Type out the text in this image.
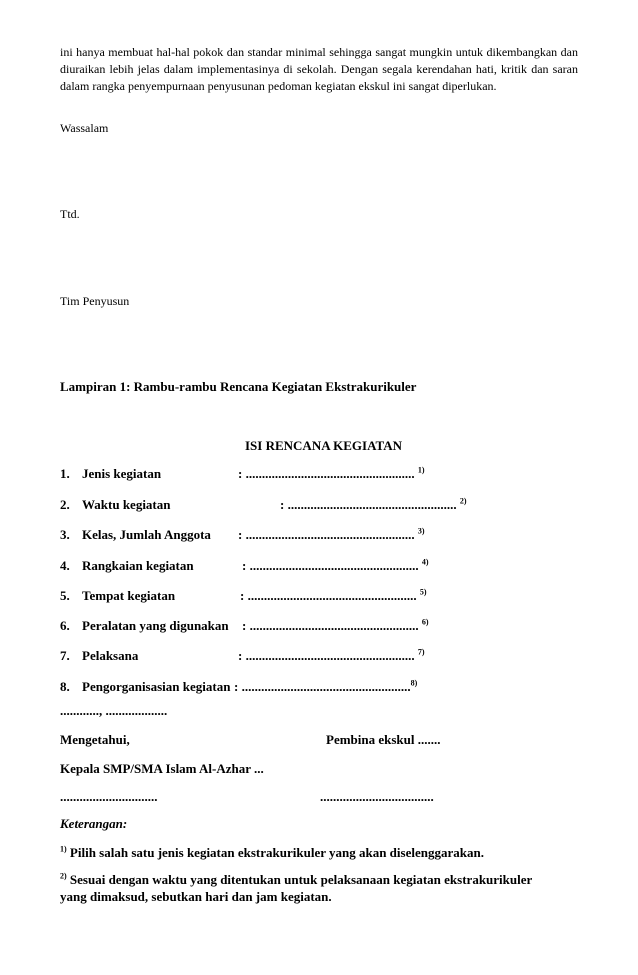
ini hanya membuat hal-hal pokok dan standar minimal sehingga sangat mungkin untuk dikembangkan dan diuraikan lebih jelas dalam implementasinya di sekolah. Dengan segala kerendahan hati, kritik dan saran dalam rangka penyempurnaan penyusunan pedoman kegiatan ekskul ini sangat diperlukan.
Wassalam
Ttd.
Tim Penyusun
Lampiran 1: Rambu-rambu Rencana Kegiatan Ekstrakurikuler
ISI RENCANA KEGIATAN
1. Jenis kegiatan	: .................................................... $^{1)}$
2. Waktu kegiatan	: .................................................... $^{2)}$
3. Kelas, Jumlah Anggota : .................................................... $^{3)}$
4. Rangkaian kegiatan	: .................................................... $^{4)}$
5. Tempat kegiatan	: .................................................... $^{5)}$
6. Peralatan yang digunakan : .................................................... $^{6)}$
7. Pelaksana	: .................................................... $^{7)}$
8. Pengorganisasian kegiatan : ....................................................$^{8)}$
............, ...................
Mengetahui,	Pembina ekskul .......
Kepala SMP/SMA Islam Al-Azhar ...
..............................	...................................
Keterangan:
$^{1)}$ Pilih salah satu jenis kegiatan ekstrakurikuler yang akan diselenggarakan.
$^{2)}$ Sesuai dengan waktu yang ditentukan untuk pelaksanaan kegiatan ekstrakurikuler yang dimaksud, sebutkan hari dan jam kegiatan.
